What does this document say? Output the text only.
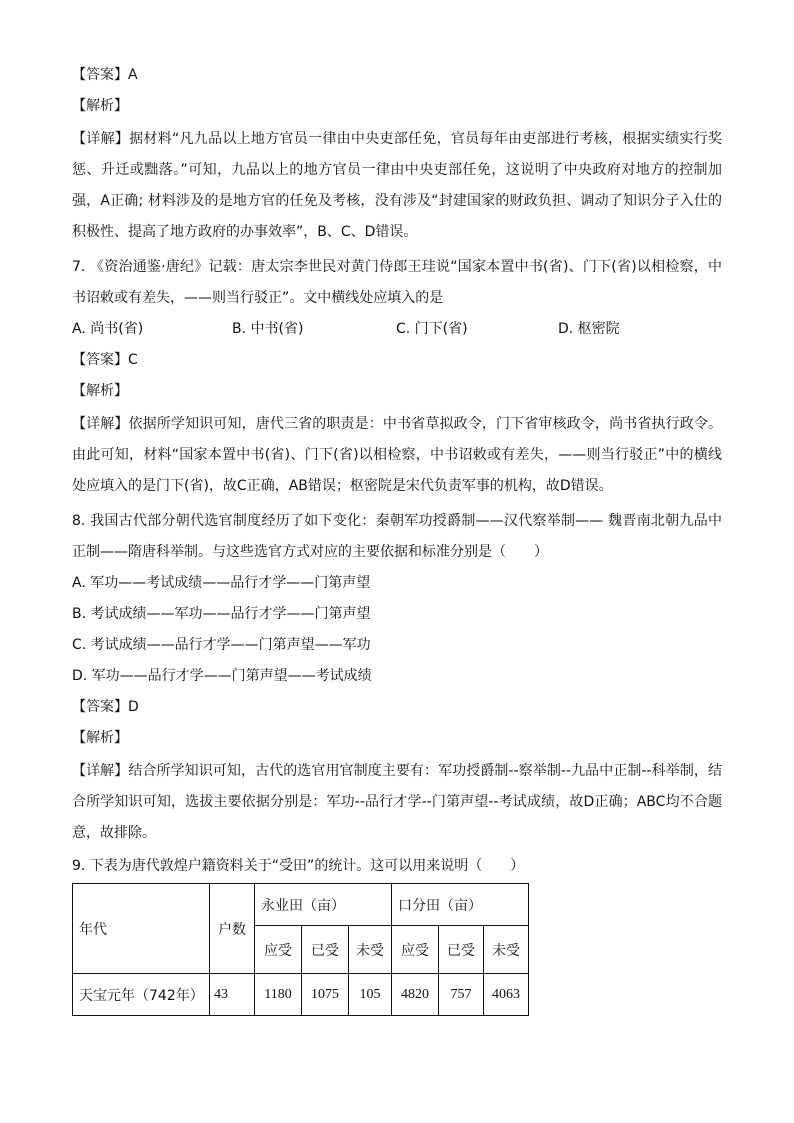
【答案】A
【解析】
【详解】据材料“凡九品以上地方官员一律由中央吏部任免，官员每年由吏部进行考核，根据实绩实行奖惩、升迁或黜落。”可知，九品以上的地方官员一律由中央吏部任免，这说明了中央政府对地方的控制加强，A正确; 材料涉及的是地方官的任免及考核，没有涉及“封建国家的财政负担、调动了知识分子入仕的积极性、提高了地方政府的办事效率”，B、C、D错误。
7. 《资治通鉴·唐纪》记载：唐太宗李世民对黄门侍郎王珪说“国家本置中书(省)、门下(省)以相检察，中书诏敕或有差失，——则当行驳正”。文中横线处应填入的是
A. 尚书(省)	B. 中书(省)	C. 门下(省)	D. 枢密院
【答案】C
【解析】
【详解】依据所学知识可知，唐代三省的职责是：中书省草拟政令，门下省审核政令，尚书省执行政令。由此可知，材料“国家本置中书(省)、门下(省)以相检察，中书诏敕或有差失，——则当行驳正”中的横线处应填入的是门下(省)，故C正确，AB错误；枢密院是宋代负责军事的机构，故D错误。
8. 我国古代部分朝代选官制度经历了如下变化：秦朝军功授爵制——汉代察举制—— 魏晋南北朝九品中正制——隋唐科举制。与这些选官方式对应的主要依据和标准分别是（　　）
A. 军功——考试成绩——品行才学——门第声望
B. 考试成绩——军功——品行才学——门第声望
C. 考试成绩——品行才学——门第声望——军功
D. 军功——品行才学——门第声望——考试成绩
【答案】D
【解析】
【详解】结合所学知识可知，古代的选官用官制度主要有：军功授爵制--察举制--九品中正制--科举制，结合所学知识可知，选拔主要依据分别是：军功--品行才学--门第声望--考试成绩，故D正确；ABC均不合题意，故排除。
9. 下表为唐代敦煌户籍资料关于“受田”的统计。这可以用来说明（　　）
年代	户数	永业田（亩）			口分田（亩）		
		应受	已受	未受	应受	已受	未受
天宝元年（742年）	43	1180	1075	105	4820	757	4063
